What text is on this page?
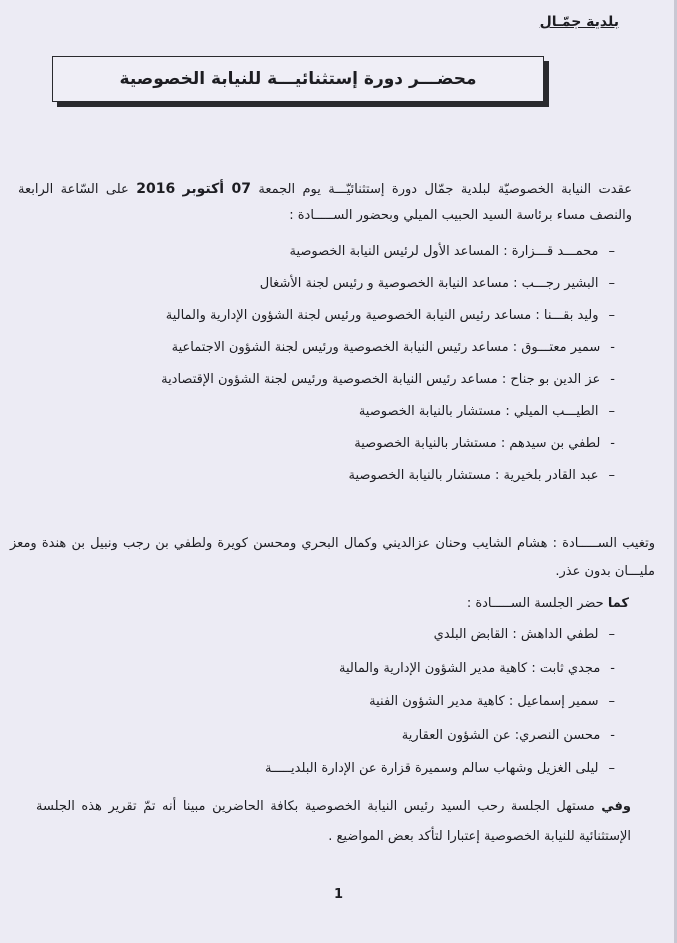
بلدية جمّـال
محضـــر دورة إستثنائيـــة للنيابة الخصوصية
عقدت النيابة الخصوصيّة لبلدية جمّال دورة إستثنائيّـــة يوم الجمعة 07 أكتوبر 2016 على السّاعة الرابعة والنصف مساء برئاسة السيد الحبيب الميلي وبحضور الســـــادة :
–محمـــد قـــزارة : المساعد الأول لرئيس النيابة الخصوصية
–البشير رجـــب : مساعد النيابة الخصوصية و رئيس لجنة الأشغال
–وليد بقـــنا : مساعد رئيس النيابة الخصوصية ورئيس لجنة الشؤون الإدارية والمالية
-سمير معتـــوق : مساعد رئيس النيابة الخصوصية ورئيس لجنة الشؤون الاجتماعية
-عز الدين بو جناح : مساعد رئيس النيابة الخصوصية ورئيس لجنة الشؤون الإقتصادية
–الطيـــب الميلي : مستشار بالنيابة الخصوصية
-لطفي بن سيدهم : مستشار بالنيابة الخصوصية
–عبد القادر بلخيرية : مستشار بالنيابة الخصوصية
وتغيب الســـــادة : هشام الشايب وحنان عزالديني وكمال البحري ومحسن كويرة ولطفي بن رجب ونبيل بن هندة ومعز مليـــان بدون عذر.
كما حضر الجلسة الســـــادة :
–لطفي الداهش : القابض البلدي
-مجدي ثابت : كاهية مدير الشؤون الإدارية والمالية
–سمير إسماعيل : كاهية مدير الشؤون الفنية
-محسن النصري: عن الشؤون العقارية
–ليلى الغزيل وشهاب سالم وسميرة قزارة عن الإدارة البلديـــــة
وفي مستهل الجلسة رحب السيد رئيس النيابة الخصوصية بكافة الحاضرين مبينا أنه تمّ تقرير هذه الجلسة الإستثنائية للنيابة الخصوصية إعتبارا لتأكد بعض المواضيع .
1
